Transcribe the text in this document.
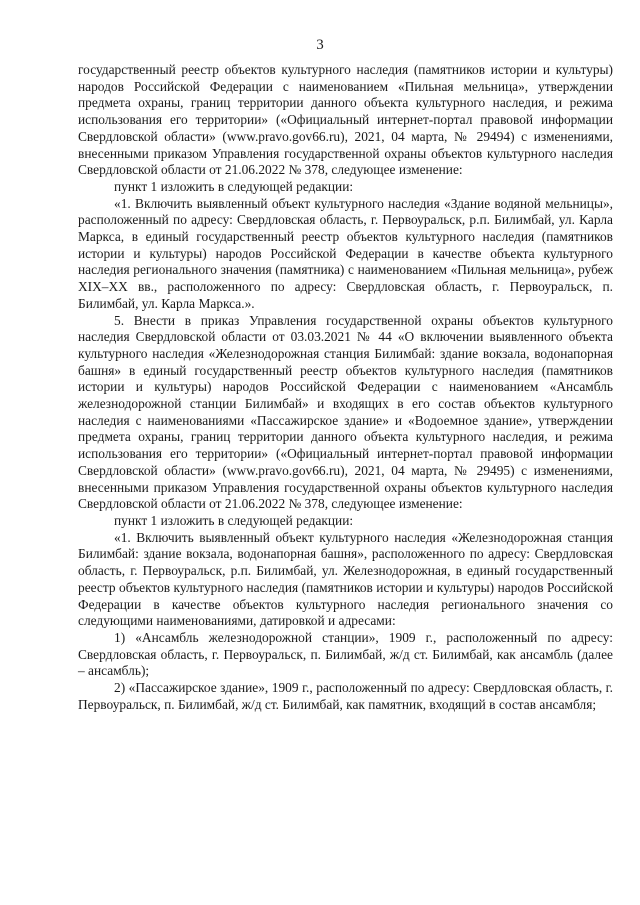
3

государственный реестр объектов культурного наследия (памятников истории и культуры) народов Российской Федерации с наименованием «Пильная мельница», утверждении предмета охраны, границ территории данного объекта культурного наследия, и режима использования его территории» («Официальный интернет-портал правовой информации Свердловской области» (www.pravo.gov66.ru), 2021, 04 марта, № 29494) с изменениями, внесенными приказом Управления государственной охраны объектов культурного наследия Свердловской области от 21.06.2022 № 378, следующее изменение:

пункт 1 изложить в следующей редакции:

«1. Включить выявленный объект культурного наследия «Здание водяной мельницы», расположенный по адресу: Свердловская область, г. Первоуральск, р.п. Билимбай, ул. Карла Маркса, в единый государственный реестр объектов культурного наследия (памятников истории и культуры) народов Российской Федерации в качестве объекта культурного наследия регионального значения (памятника) с наименованием «Пильная мельница», рубеж XIX–XX вв., расположенного по адресу: Свердловская область, г. Первоуральск, п. Билимбай, ул. Карла Маркса.».

5. Внести в приказ Управления государственной охраны объектов культурного наследия Свердловской области от 03.03.2021 № 44 «О включении выявленного объекта культурного наследия «Железнодорожная станция Билимбай: здание вокзала, водонапорная башня» в единый государственный реестр объектов культурного наследия (памятников истории и культуры) народов Российской Федерации с наименованием «Ансамбль железнодорожной станции Билимбай» и входящих в его состав объектов культурного наследия с наименованиями «Пассажирское здание» и «Водоемное здание», утверждении предмета охраны, границ территории данного объекта культурного наследия, и режима использования его территории» («Официальный интернет-портал правовой информации Свердловской области» (www.pravo.gov66.ru), 2021, 04 марта, № 29495) с изменениями, внесенными приказом Управления государственной охраны объектов культурного наследия Свердловской области от 21.06.2022 № 378, следующее изменение:

пункт 1 изложить в следующей редакции:

«1. Включить выявленный объект культурного наследия «Железнодорожная станция Билимбай: здание вокзала, водонапорная башня», расположенного по адресу: Свердловская область, г. Первоуральск, р.п. Билимбай, ул. Железнодорожная, в единый государственный реестр объектов культурного наследия (памятников истории и культуры) народов Российской Федерации в качестве объектов культурного наследия регионального значения со следующими наименованиями, датировкой и адресами:

1) «Ансамбль железнодорожной станции», 1909 г., расположенный по адресу: Свердловская область, г. Первоуральск, п. Билимбай, ж/д ст. Билимбай, как ансамбль (далее – ансамбль);

2) «Пассажирское здание», 1909 г., расположенный по адресу: Свердловская область, г. Первоуральск, п. Билимбай, ж/д ст. Билимбай, как памятник, входящий в состав ансамбля;
